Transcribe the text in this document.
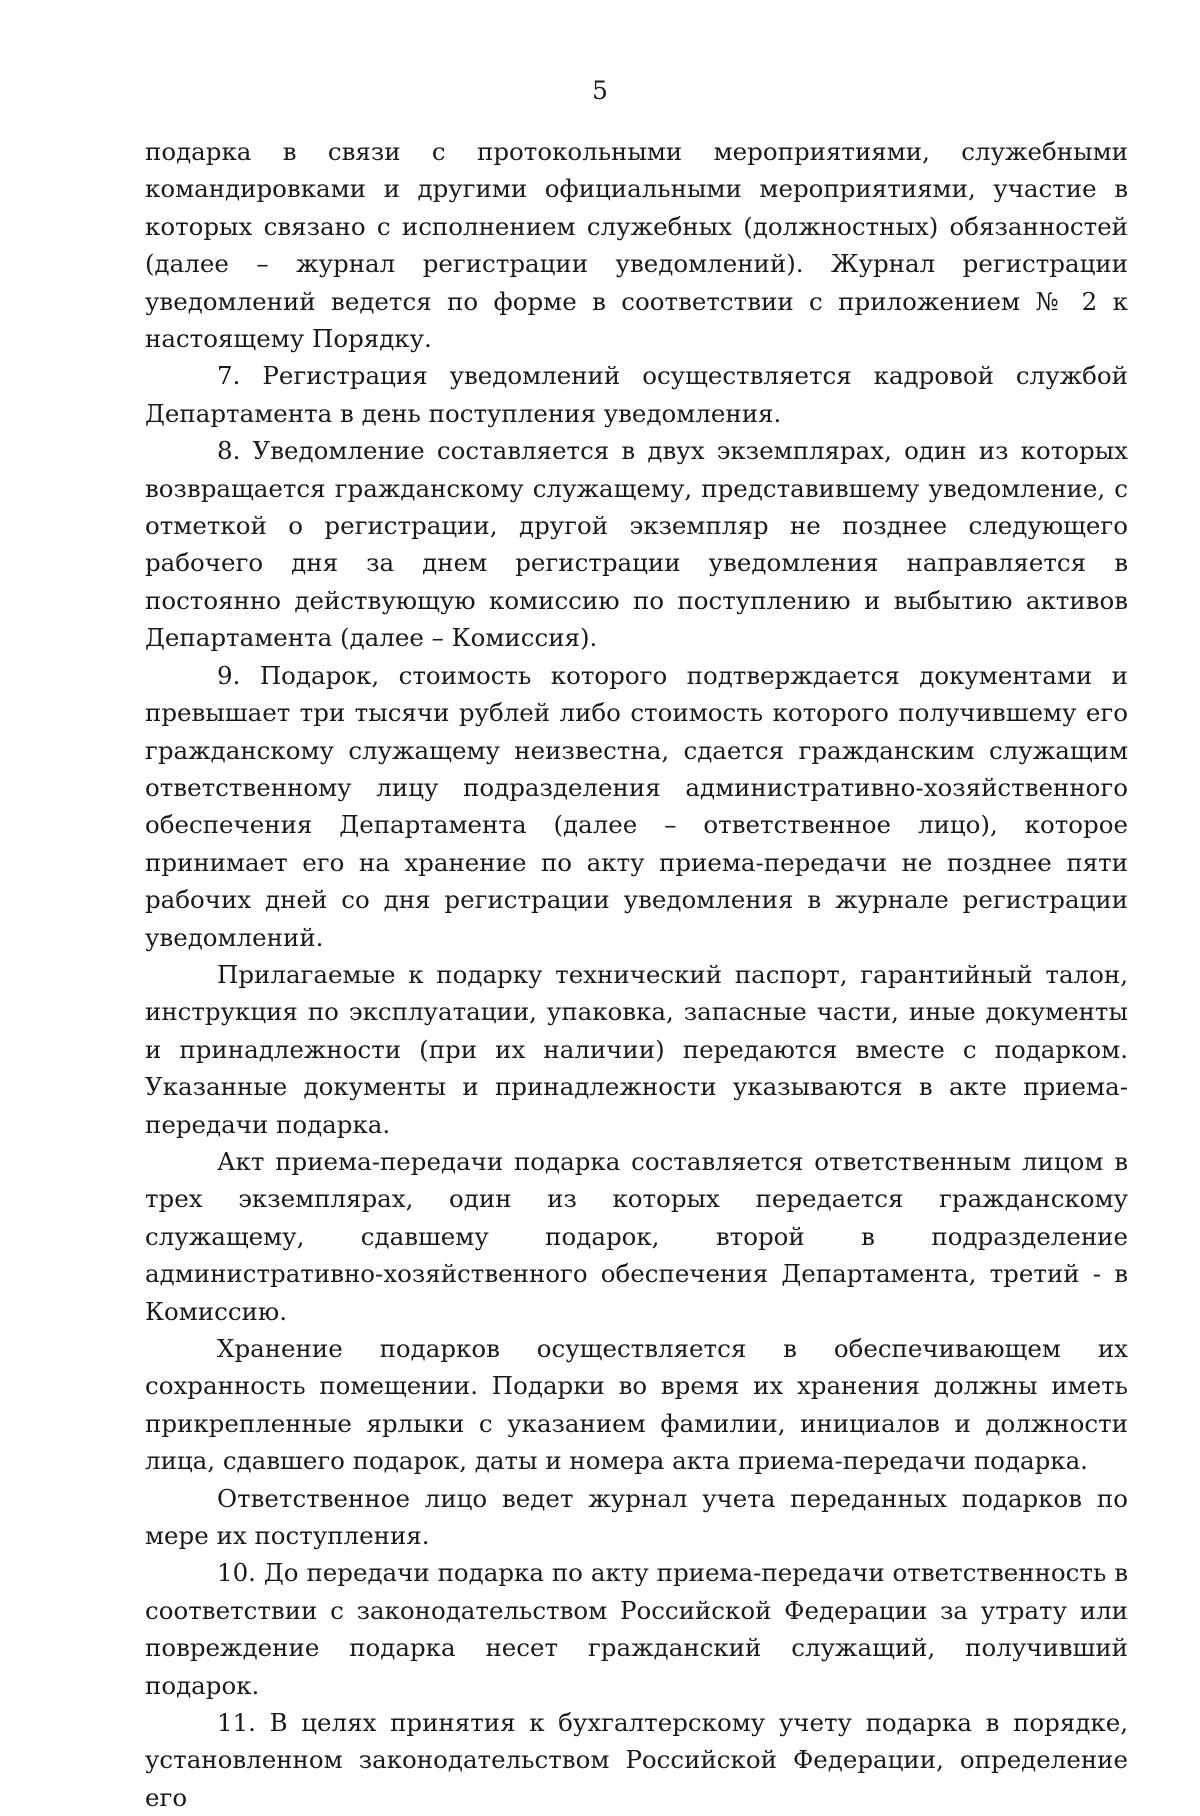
5

подарка в связи с протокольными мероприятиями, служебными командировками и другими официальными мероприятиями, участие в которых связано с исполнением служебных (должностных) обязанностей (далее – журнал регистрации уведомлений). Журнал регистрации уведомлений ведется по форме в соответствии с приложением № 2 к настоящему Порядку.

7. Регистрация уведомлений осуществляется кадровой службой Департамента в день поступления уведомления.

8. Уведомление составляется в двух экземплярах, один из которых возвращается гражданскому служащему, представившему уведомление, с отметкой о регистрации, другой экземпляр не позднее следующего рабочего дня за днем регистрации уведомления направляется в постоянно действующую комиссию по поступлению и выбытию активов Департамента (далее – Комиссия).

9. Подарок, стоимость которого подтверждается документами и превышает три тысячи рублей либо стоимость которого получившему его гражданскому служащему неизвестна, сдается гражданским служащим ответственному лицу подразделения административно-хозяйственного обеспечения Департамента (далее – ответственное лицо), которое принимает его на хранение по акту приема-передачи не позднее пяти рабочих дней со дня регистрации уведомления в журнале регистрации уведомлений.

Прилагаемые к подарку технический паспорт, гарантийный талон, инструкция по эксплуатации, упаковка, запасные части, иные документы и принадлежности (при их наличии) передаются вместе с подарком. Указанные документы и принадлежности указываются в акте приема-передачи подарка.

Акт приема-передачи подарка составляется ответственным лицом в трех экземплярах, один из которых передается гражданскому служащему, сдавшему подарок, второй в подразделение административно-хозяйственного обеспечения Департамента, третий - в Комиссию.

Хранение подарков осуществляется в обеспечивающем их сохранность помещении. Подарки во время их хранения должны иметь прикрепленные ярлыки с указанием фамилии, инициалов и должности лица, сдавшего подарок, даты и номера акта приема-передачи подарка.

Ответственное лицо ведет журнал учета переданных подарков по мере их поступления.

10. До передачи подарка по акту приема-передачи ответственность в соответствии с законодательством Российской Федерации за утрату или повреждение подарка несет гражданский служащий, получивший подарок.

11. В целях принятия к бухгалтерскому учету подарка в порядке, установленном законодательством Российской Федерации, определение его
